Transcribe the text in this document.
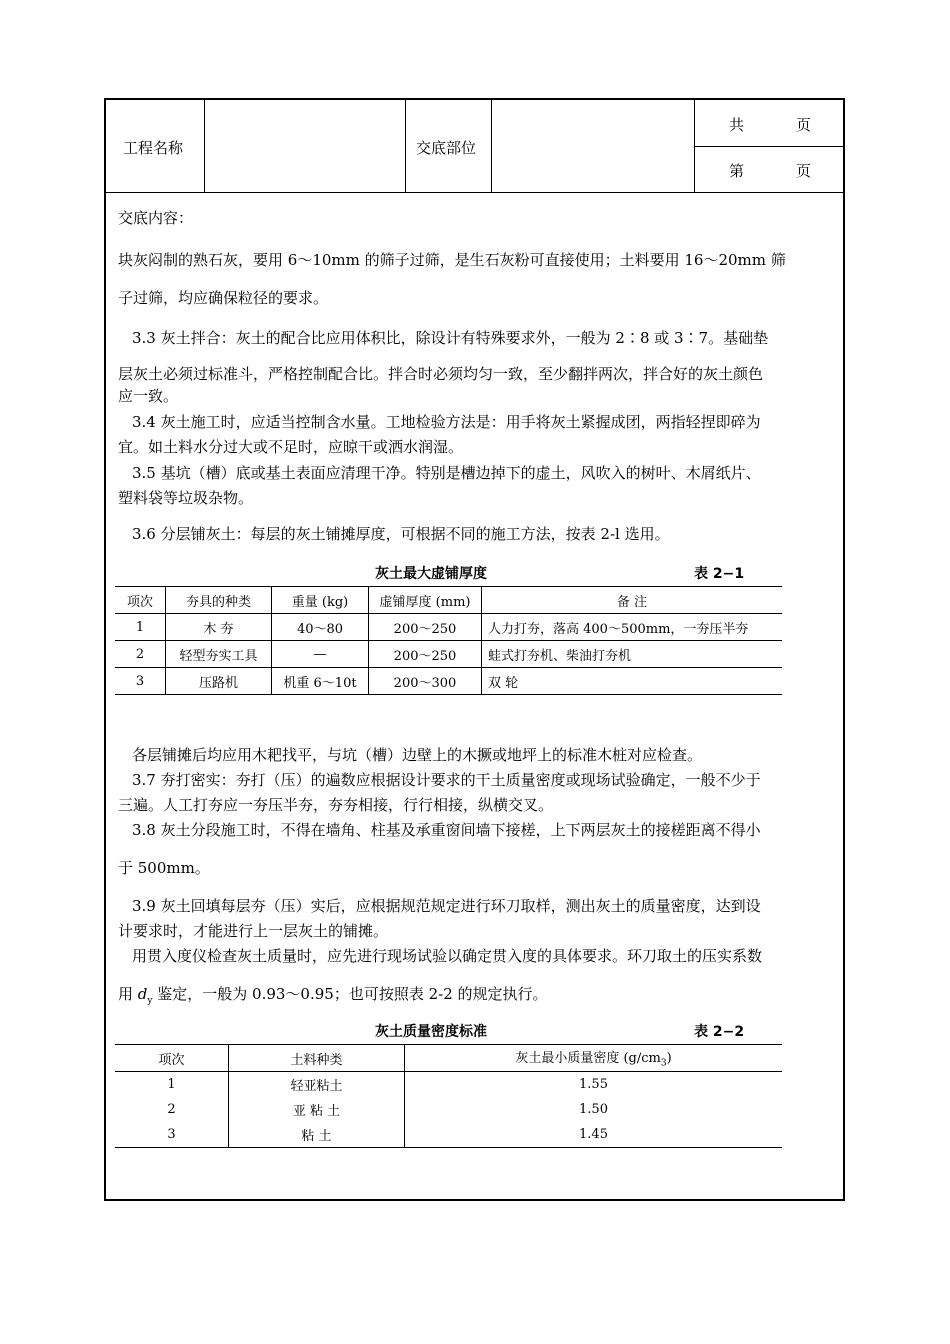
工程名称	交底部位
共	页
第	页
交底内容：
块灰闷制的熟石灰，要用 6～10mm 的筛子过筛，是生石灰粉可直接使用；土料要用 16～20mm 筛
子过筛，均应确保粒径的要求。
3.3 灰土拌合：灰土的配合比应用体积比，除设计有特殊要求外，一般为 2∶8 或 3∶7。基础垫
层灰土必须过标准斗，严格控制配合比。拌合时必须均匀一致，至少翻拌两次，拌合好的灰土颜色
应一致。
3.4 灰土施工时，应适当控制含水量。工地检验方法是：用手将灰土紧握成团，两指轻捏即碎为
宜。如土料水分过大或不足时，应晾干或洒水润湿。
3.5 基坑（槽）底或基土表面应清理干净。特别是槽边掉下的虚土，风吹入的树叶、木屑纸片、
塑料袋等垃圾杂物。
3.6 分层铺灰土：每层的灰土铺摊厚度，可根据不同的施工方法，按表 2-l 选用。
灰土最大虚铺厚度	表 2−1
项次	夯具的种类	重量 (kg)	虚铺厚度 (mm)	备 注
1	木 夯	40～80	200～250	人力打夯，落高 400～500mm，一夯压半夯
2	轻型夯实工具	—	200～250	蛙式打夯机、柴油打夯机
3	压路机	机重 6～10t	200～300	双 轮
各层铺摊后均应用木耙找平，与坑（槽）边壁上的木撅或地坪上的标准木桩对应检查。
3.7 夯打密实：夯打（压）的遍数应根据设计要求的干土质量密度或现场试验确定，一般不少于
三遍。人工打夯应一夯压半夯，夯夯相接，行行相接，纵横交叉。
3.8 灰土分段施工时，不得在墙角、柱基及承重窗间墙下接槎，上下两层灰土的接槎距离不得小
于 500mm。
3.9 灰土回填每层夯（压）实后，应根据规范规定进行环刀取样，测出灰土的质量密度，达到设
计要求时，才能进行上一层灰土的铺摊。
用贯入度仪检查灰土质量时，应先进行现场试验以确定贯入度的具体要求。环刀取土的压实系数
用 $d_y$ 鉴定，一般为 0.93～0.95；也可按照表 2-2 的规定执行。
灰土质量密度标准	表 2−2
项次	土料种类	灰土最小质量密度 $(g/cm_3)$
1	轻亚粘土	1.55
2	亚 粘 土	1.50
3	粘 土	1.45
